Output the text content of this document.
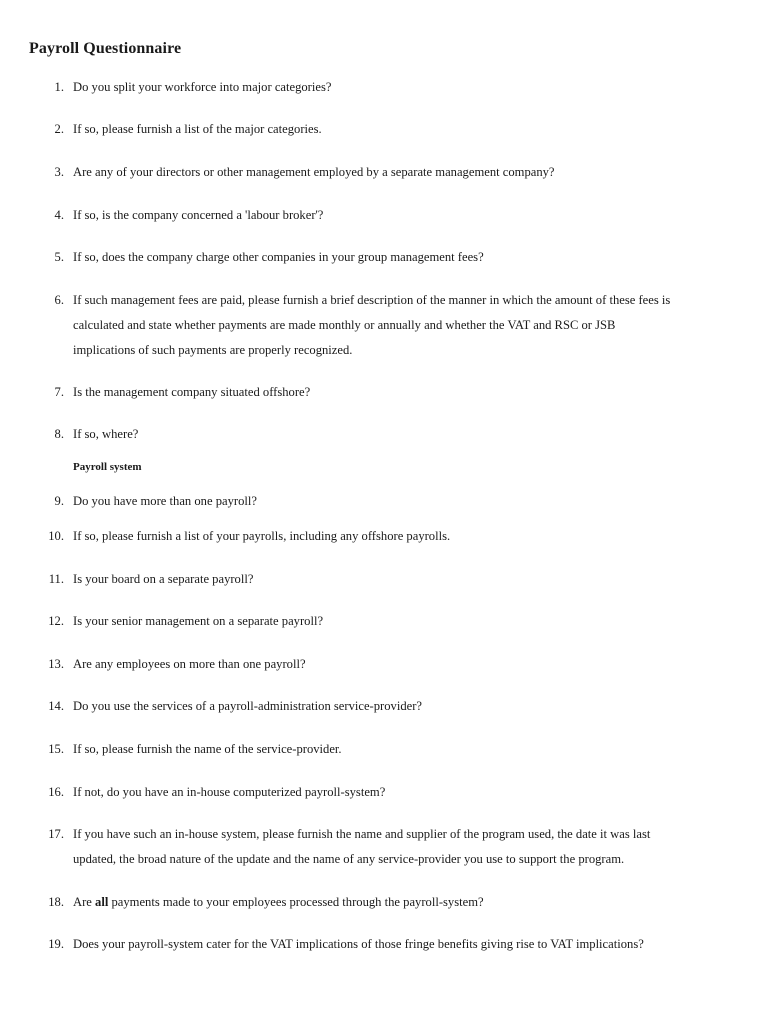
Payroll Questionnaire
1. Do you split your workforce into major categories?
2. If so, please furnish a list of the major categories.
3. Are any of your directors or other management employed by a separate management company?
4. If so, is the company concerned a 'labour broker'?
5. If so, does the company charge other companies in your group management fees?
6. If such management fees are paid, please furnish a brief description of the manner in which the amount of these fees is
calculated and state whether payments are made monthly or annually and whether the VAT and RSC or JSB
implications of such payments are properly recognized.
7. Is the management company situated offshore?
8. If so, where?
Payroll system
9. Do you have more than one payroll?
10. If so, please furnish a list of your payrolls, including any offshore payrolls.
11. Is your board on a separate payroll?
12. Is your senior management on a separate payroll?
13. Are any employees on more than one payroll?
14. Do you use the services of a payroll-administration service-provider?
15. If so, please furnish the name of the service-provider.
16. If not, do you have an in-house computerized payroll-system?
17. If you have such an in-house system, please furnish the name and supplier of the program used, the date it was last
updated, the broad nature of the update and the name of any service-provider you use to support the program.
18. Are all payments made to your employees processed through the payroll-system?
19. Does your payroll-system cater for the VAT implications of those fringe benefits giving rise to VAT implications?
